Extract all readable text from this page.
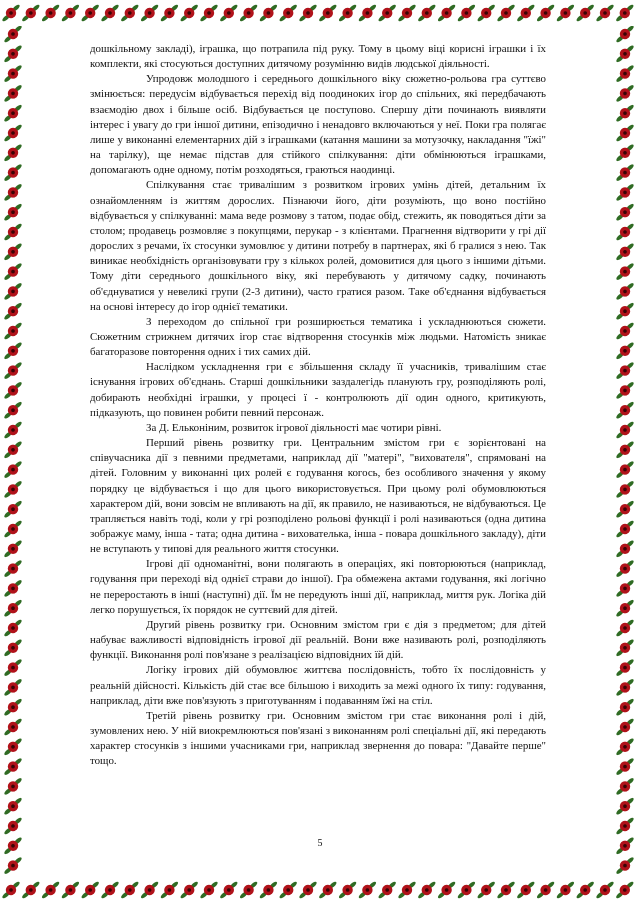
дошкільному закладі), іграшка, що потрапила під руку. Тому в цьому віці корисні іграшки і їх комплекти, які стосуються доступних дитячому розумінню видів людської діяльності.

Упродовж молодшого і середнього дошкільного віку сюжетно-рольова гра суттєво змінюється: передусім відбувається перехід від поодиноких ігор до спільних, які передбачають взаємодію двох і більше осіб. Відбувається це поступово. Спершу діти починають виявляти інтерес і увагу до гри іншої дитини, епізодично і ненадовго включаються у неї. Поки гра полягає лише у виконанні елементарних дій з іграшками (катання машини за мотузочку, накладання "їжі" на тарілку), ще немає підстав для стійкого спілкування: діти обмінюються іграшками, допомагають одне одному, потім розходяться, граються наодинці.

Спілкування стає тривалішим з розвитком ігрових умінь дітей, детальним їх ознайомленням із життям дорослих. Пізнаючи його, діти розуміють, що воно постійно відбувається у спілкуванні: мама веде розмову з татом, подає обід, стежить, як поводяться діти за столом; продавець розмовляє з покупцями, перукар - з клієнтами. Прагнення відтворити у грі дії дорослих з речами, їх стосунки зумовлює у дитини потребу в партнерах, які б гралися з нею. Так виникає необхідність організовувати гру з кількох ролей, домовитися для цього з іншими дітьми. Тому діти середнього дошкільного віку, які перебувають у дитячому садку, починають об'єднуватися у невеликі групи (2-3 дитини), часто гратися разом. Таке об'єднання відбувається на основі інтересу до ігор однієї тематики.

З переходом до спільної гри розширюється тематика і ускладнюються сюжети. Сюжетним стрижнем дитячих ігор стає відтворення стосунків між людьми. Натомість зникає багаторазове повторення одних і тих самих дій.

Наслідком ускладнення гри є збільшення складу її учасників, тривалішим стає існування ігрових об'єднань. Старші дошкільники заздалегідь планують гру, розподіляють ролі, добирають необхідні іграшки, у процесі ї - контролюють дії один одного, критикують, підказують, що повинен робити певний персонаж.

За Д. Ельконіним, розвиток ігрової діяльності має чотири рівні.

Перший рівень розвитку гри. Центральним змістом гри є зорієнтовані на співучасника дії з певними предметами, наприклад дії "матері", "вихователя", спрямовані на дітей. Головним у виконанні цих ролей є годування когось, без особливого значення у якому порядку це відбувається і що для цього використовується. При цьому ролі обумовлюються характером дій, вони зовсім не впливають на дії, як правило, не називаються, не відбуваються. Це трапляється навіть тоді, коли у грі розподілено рольові функції і ролі називаються (одна дитина зображує маму, інша - тата; одна дитина - вихователька, інша - повара дошкільного закладу), діти не вступають у типові для реального життя стосунки.

Ігрові дії одноманітні, вони полягають в операціях, які повторюються (наприклад, годування при переході від однієї страви до іншої). Гра обмежена актами годування, які логічно не переростають в інші (наступні) дії. Їм не передують інші дії, наприклад, миття рук. Логіка дій легко порушується, їх порядок не суттєвий для дітей.

Другий рівень розвитку гри. Основним змістом гри є дія з предметом; для дітей набуває важливості відповідність ігрової дії реальній. Вони вже називають ролі, розподіляють функції. Виконання ролі пов'язане з реалізацією відповідних їй дій.

Логіку ігрових дій обумовлює життєва послідовність, тобто їх послідовність у реальній дійсності. Кількість дій стає все більшою і виходить за межі одного їх типу: годування, наприклад, діти вже пов'язують з приготуванням і подаванням їжі на стіл.

Третій рівень розвитку гри. Основним змістом гри стає виконання ролі і дій, зумовлених нею. У ній виокремлюються пов'язані з виконанням ролі спеціальні дії, які передають характер стосунків з іншими учасниками гри, наприклад звернення до повара: "Давайте перше" тощо.

5
